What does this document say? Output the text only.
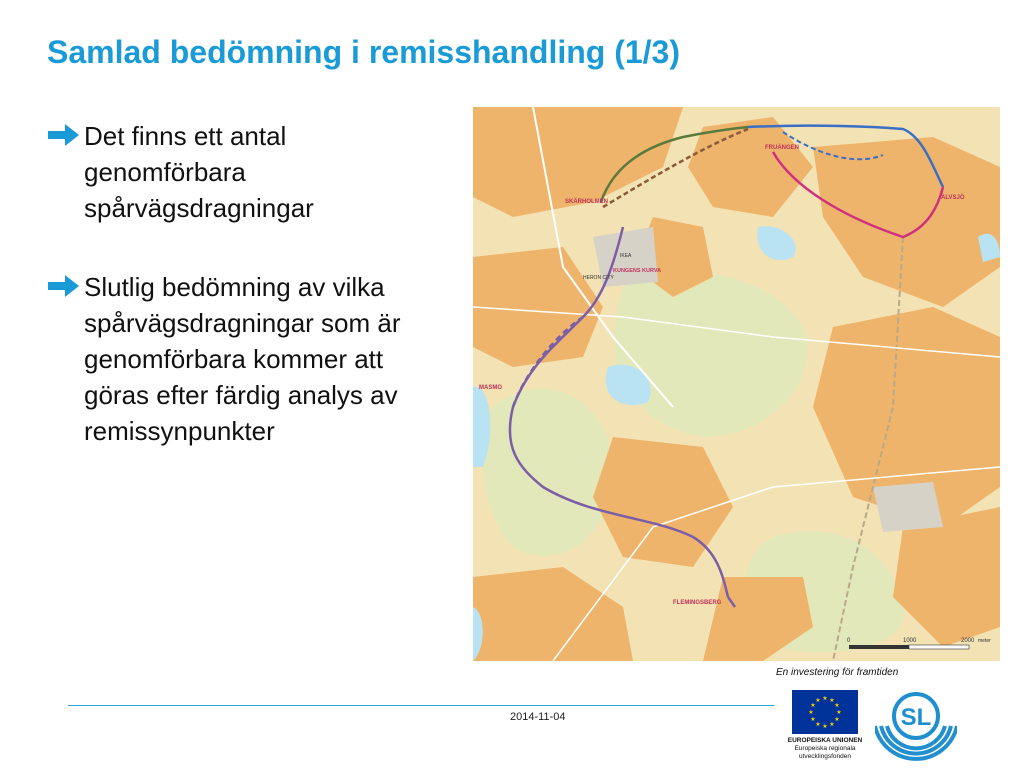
Samlad bedömning i remisshandling (1/3)
Det finns ett antal genomförbara spårvägsdragningar
Slutlig bedömning av vilka spårvägsdragningar som är genomförbara kommer att göras efter färdig analys av remissynpunkter
SKÄRHOLMEN
FRUÄNGEN
ÄLVSJÖ
KUNGENS KURVA
HERON CITY
IKEA
MASMO
FLEMINGSBERG
0	1000	2000 meter
En investering för framtiden
★ ★
★
★
★
★
★
★
★
★
★
★
EUROPEISKA UNIONEN
Europeiska regionala
utvecklingsfonden
SL
2014-11-04
